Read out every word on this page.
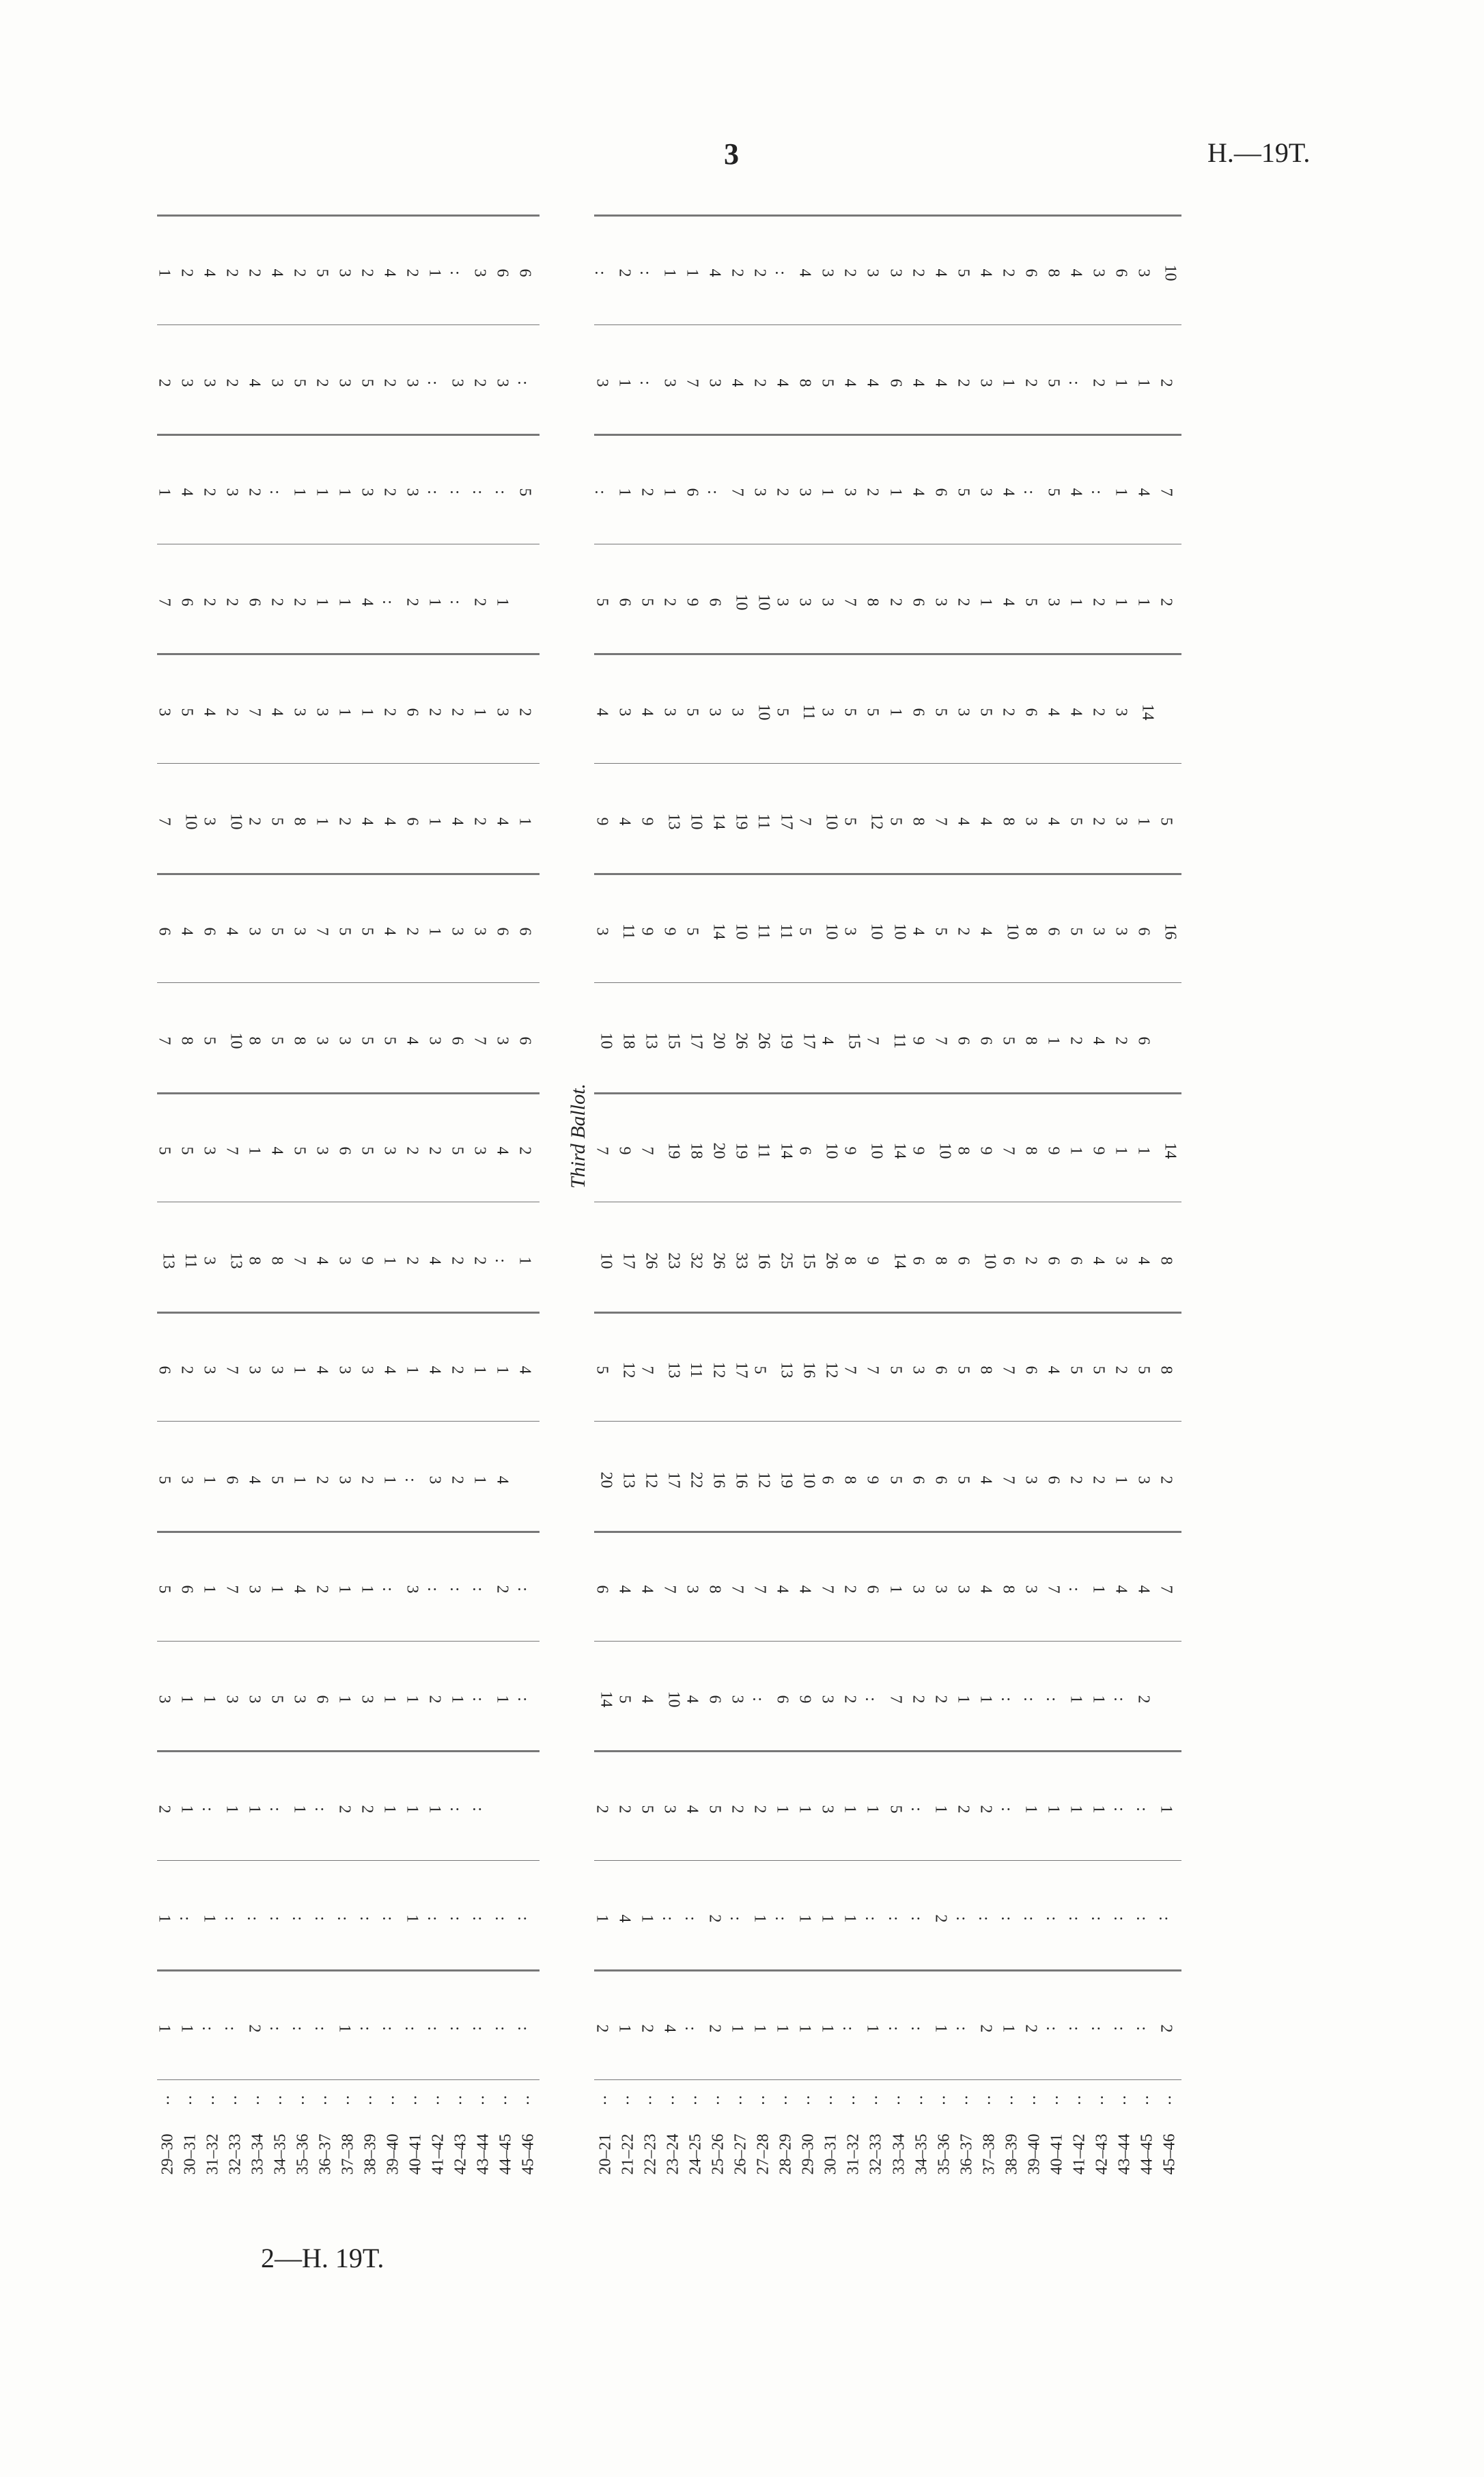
3	H.—19T.
2—H. 19T.
Third Ballot.
1 2 4 2 2 4 2 5 3 2 4 2 1 : 3 6 6
2 3 3 2 4 3 5 2 3 5 2 3 : 3 2 3 :
1 4 2 3 2 : 1 1 1 3 2 3 : : : : 5
7 6 2 2 6 2 2 1 1 4 : 2 1 : 2 1
3 5 4 2 7 4 3 3 1 1 2 6 2 2 1 3 2
7 10 3 10 2 5 8 1 2 4 4 6 1 4 2 4 1
6 4 6 4 3 5 3 7 5 5 4 2 1 3 3 6 6
7 8 5 10 8 5 8 3 3 5 5 4 3 6 7 3 6
5 5 3 7 1 4 5 3 6 5 3 2 2 5 3 4 2
13 11 3 13 8 8 7 4 3 9 1 2 4 2 2 : 1
6 2 3 7 3 3 1 4 3 3 4 1 4 2 1 1 4
5 3 1 6 4 5 1 2 3 2 1 : 3 2 1 4
5 6 1 7 3 1 4 2 1 1 : 3 : : : 2 :
3 1 1 3 3 5 3 6 1 3 1 1 2 1 : 1 :
2 1 : 1 1 : 1 : 2 2 1 1 1 : :
1 : 1 : : : : : : : : 1 : : : : :
1 1 : : 2 : : : 1 : : : : : : : :
29–30 30–31 31–32 32–33 33–34 34–35 35–36 36–37 37–38 38–39 39–40 40–41 41–42 42–43 43–44 44–45 45–46
: : : : : : : : : : : : : : : : :
: 2 : 1 1 4 2 2 : 4 3 2 3 3 2 4 5 4 2 6 8 4 3 6 3 10
3 1 : 3 7 3 4 2 4 8 5 4 4 6 4 4 2 3 1 2 5 : 2 1 1 2
: 1 2 1 6 : 7 3 2 3 1 3 2 1 4 6 5 3 4 : 5 4 : 1 4 7
5 6 5 2 9 6 10 10 3 3 3 7 8 2 6 3 2 1 4 5 3 1 2 1 1 2
4 3 4 3 5 3 3 10 5 11 3 5 5 1 6 5 3 5 2 6 4 4 2 3 14
9 4 9 13 10 14 19 11 17 7 10 5 12 5 8 7 4 4 8 3 4 5 2 3 1 5
3 11 9 9 5 14 10 11 11 5 10 3 10 10 4 5 2 4 10 8 6 5 3 3 6 16
10 18 13 15 17 20 26 26 19 17 4 15 7 11 9 7 6 6 5 8 1 2 4 2 6
7 9 7 19 18 20 19 11 14 6 10 9 10 14 9 10 8 9 7 8 9 1 9 1 1 14
10 17 26 23 32 26 33 16 25 15 26 8 9 14 6 8 6 10 6 2 6 6 4 3 4 8
5 12 7 13 11 12 17 5 13 16 12 7 7 5 3 6 5 8 7 6 4 5 5 2 5 8
20 13 12 17 22 16 16 12 19 10 6 8 9 5 6 6 5 4 7 3 6 2 2 1 3 2
6 4 4 7 3 8 7 7 4 4 7 2 6 1 3 3 3 4 8 3 7 : 1 4 4 7
14 5 4 10 4 6 3 : 6 9 3 2 : 7 2 2 1 1 : : : 1 1 : 2
2 2 5 3 4 5 2 2 1 1 3 1 1 5 : 1 2 2 : 1 1 1 1 : : 1
1 4 1 : : 2 : 1 : 1 1 1 : : : 2 : : : : : : : : : :
2 1 2 4 : 2 1 1 1 1 1 : 1 : : 1 : 2 1 2 : : : : : 2
20–21 21–22 22–23 23–24 24–25 25–26 26–27 27–28 28–29 29–30 30–31 31–32 32–33 33–34 34–35 35–36 36–37 37–38 38–39 39–40 40–41 41–42 42–43 43–44 44–45 45–46
: : : : : : : : : : : : : : : : : : : : : : : : : :
